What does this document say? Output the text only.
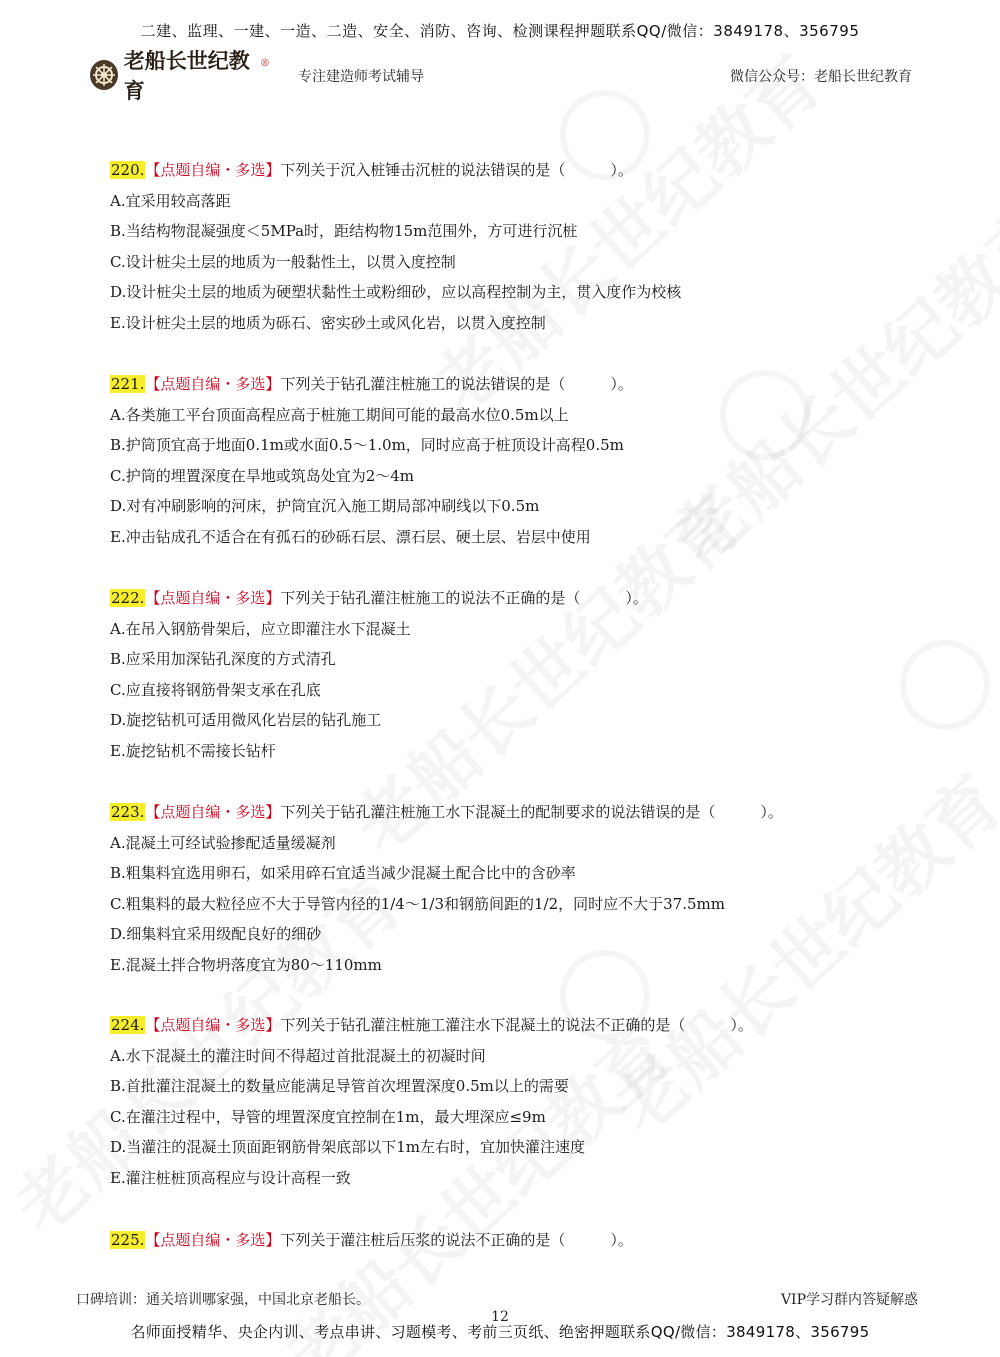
二建、监理、一建、一造、二造、安全、消防、咨询、检测课程押题联系QQ/微信：3849178、356795
老船长世纪教育
®
专注建造师考试辅导	微信公众号：老船长世纪教育
220.【点题自编・多选】下列关于沉入桩锤击沉桩的说法错误的是（　　　）。
A.宜采用较高落距
B.当结构物混凝强度＜5MPa时，距结构物15m范围外，方可进行沉桩
C.设计桩尖土层的地质为一般黏性土，以贯入度控制
D.设计桩尖土层的地质为硬塑状黏性土或粉细砂，应以高程控制为主，贯入度作为校核
E.设计桩尖土层的地质为砾石、密实砂土或风化岩，以贯入度控制
221.【点题自编・多选】下列关于钻孔灌注桩施工的说法错误的是（　　　）。
A.各类施工平台顶面高程应高于桩施工期间可能的最高水位0.5m以上
B.护筒顶宜高于地面0.1m或水面0.5～1.0m，同时应高于桩顶设计高程0.5m
C.护筒的埋置深度在旱地或筑岛处宜为2～4m
D.对有冲刷影响的河床，护筒宜沉入施工期局部冲刷线以下0.5m
E.冲击钻成孔不适合在有孤石的砂砾石层、漂石层、硬土层、岩层中使用
222.【点题自编・多选】下列关于钻孔灌注桩施工的说法不正确的是（　　　）。
A.在吊入钢筋骨架后，应立即灌注水下混凝土
B.应采用加深钻孔深度的方式清孔
C.应直接将钢筋骨架支承在孔底
D.旋挖钻机可适用微风化岩层的钻孔施工
E.旋挖钻机不需接长钻杆
223.【点题自编・多选】下列关于钻孔灌注桩施工水下混凝土的配制要求的说法错误的是（　　　）。
A.混凝土可经试验掺配适量缓凝剂
B.粗集料宜选用卵石，如采用碎石宜适当减少混凝土配合比中的含砂率
C.粗集料的最大粒径应不大于导管内径的1/4～1/3和钢筋间距的1/2，同时应不大于37.5mm
D.细集料宜采用级配良好的细砂
E.混凝土拌合物坍落度宜为80～110mm
224.【点题自编・多选】下列关于钻孔灌注桩施工灌注水下混凝土的说法不正确的是（　　　）。
A.水下混凝土的灌注时间不得超过首批混凝土的初凝时间
B.首批灌注混凝土的数量应能满足导管首次埋置深度0.5m以上的需要
C.在灌注过程中，导管的埋置深度宜控制在1m，最大埋深应≤9m
D.当灌注的混凝土顶面距钢筋骨架底部以下1m左右时，宜加快灌注速度
E.灌注桩桩顶高程应与设计高程一致
225.【点题自编・多选】下列关于灌注桩后压浆的说法不正确的是（　　　）。
口碑培训：通关培训哪家强，中国北京老船长。	VIP学习群内答疑解惑
12
名师面授精华、央企内训、考点串讲、习题模考、考前三页纸、绝密押题联系QQ/微信：3849178、356795
